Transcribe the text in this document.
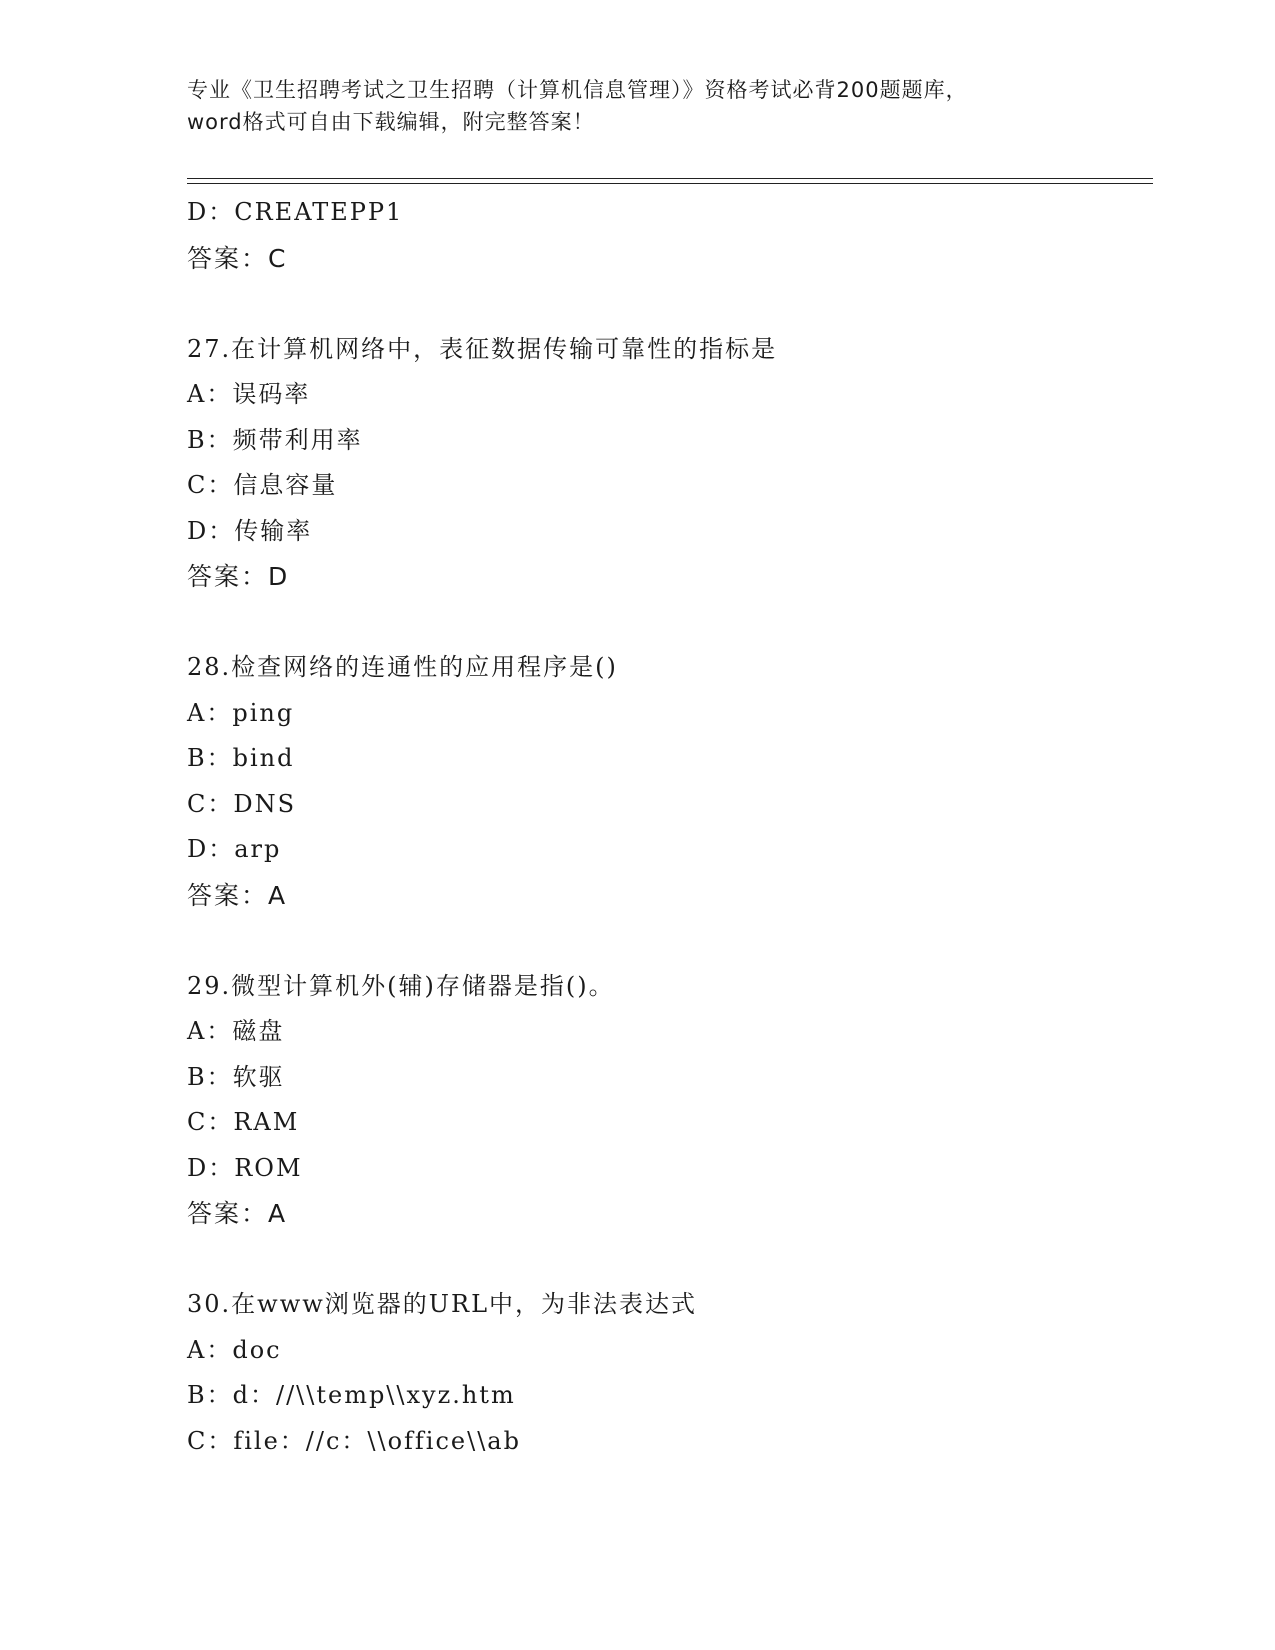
专业《卫生招聘考试之卫生招聘（计算机信息管理）》资格考试必背200题题库，
word格式可自由下载编辑，附完整答案！
D：CREATEPP1
答案：C
27.在计算机网络中，表征数据传输可靠性的指标是
A：误码率
B：频带利用率
C：信息容量
D：传输率
答案：D
28.检查网络的连通性的应用程序是()
A：ping
B：bind
C：DNS
D：arp
答案：A
29.微型计算机外(辅)存储器是指()。
A：磁盘
B：软驱
C：RAM
D：ROM
答案：A
30.在www浏览器的URL中，为非法表达式
A：doc
B：d：//\\temp\\xyz.htm
C：file：//c：\\office\\ab
